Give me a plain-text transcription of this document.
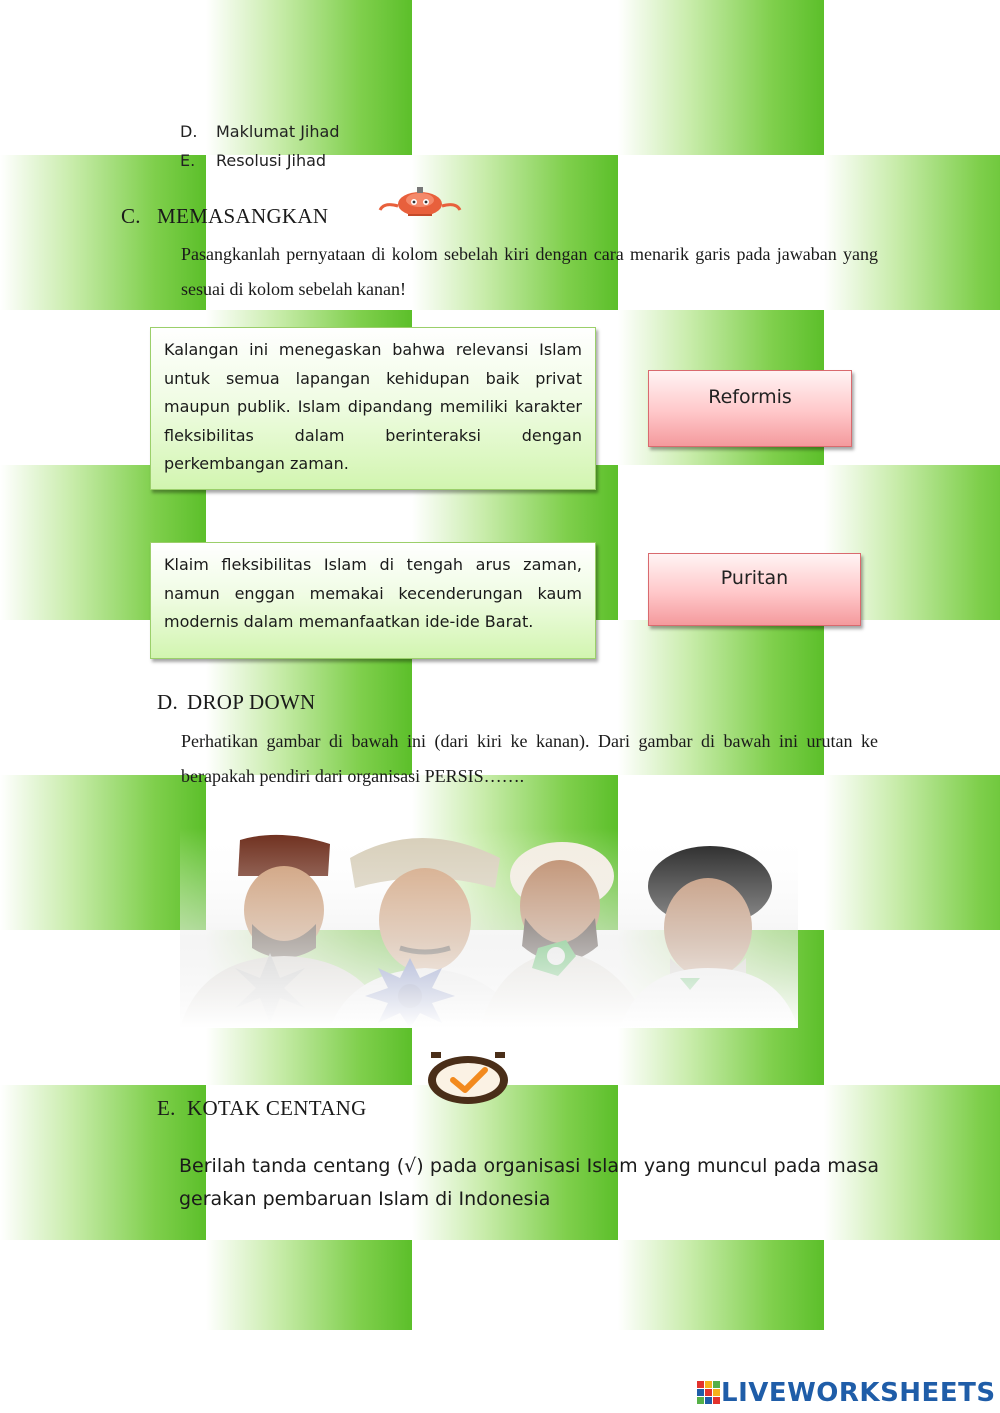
D. Maklumat Jihad
E. Resolusi Jihad
C. MEMASANGKAN
Pasangkanlah pernyataan di kolom sebelah kiri dengan cara menarik garis pada jawaban yang sesuai di kolom sebelah kanan!
Kalangan ini menegaskan bahwa relevansi Islam untuk semua lapangan kehidupan baik privat maupun publik. Islam dipandang memiliki karakter fleksibilitas dalam berinteraksi dengan perkembangan zaman.
Klaim fleksibilitas Islam di tengah arus zaman, namun enggan memakai kecenderungan kaum modernis dalam memanfaatkan ide-ide Barat.
Reformis
Puritan
D. DROP DOWN
Perhatikan gambar di bawah ini (dari kiri ke kanan). Dari gambar di bawah ini urutan ke berapakah pendiri dari organisasi PERSIS…….
E. KOTAK CENTANG
Berilah tanda centang (√) pada organisasi Islam yang muncul pada masa gerakan pembaruan Islam di Indonesia
LIVEWORKSHEETS
